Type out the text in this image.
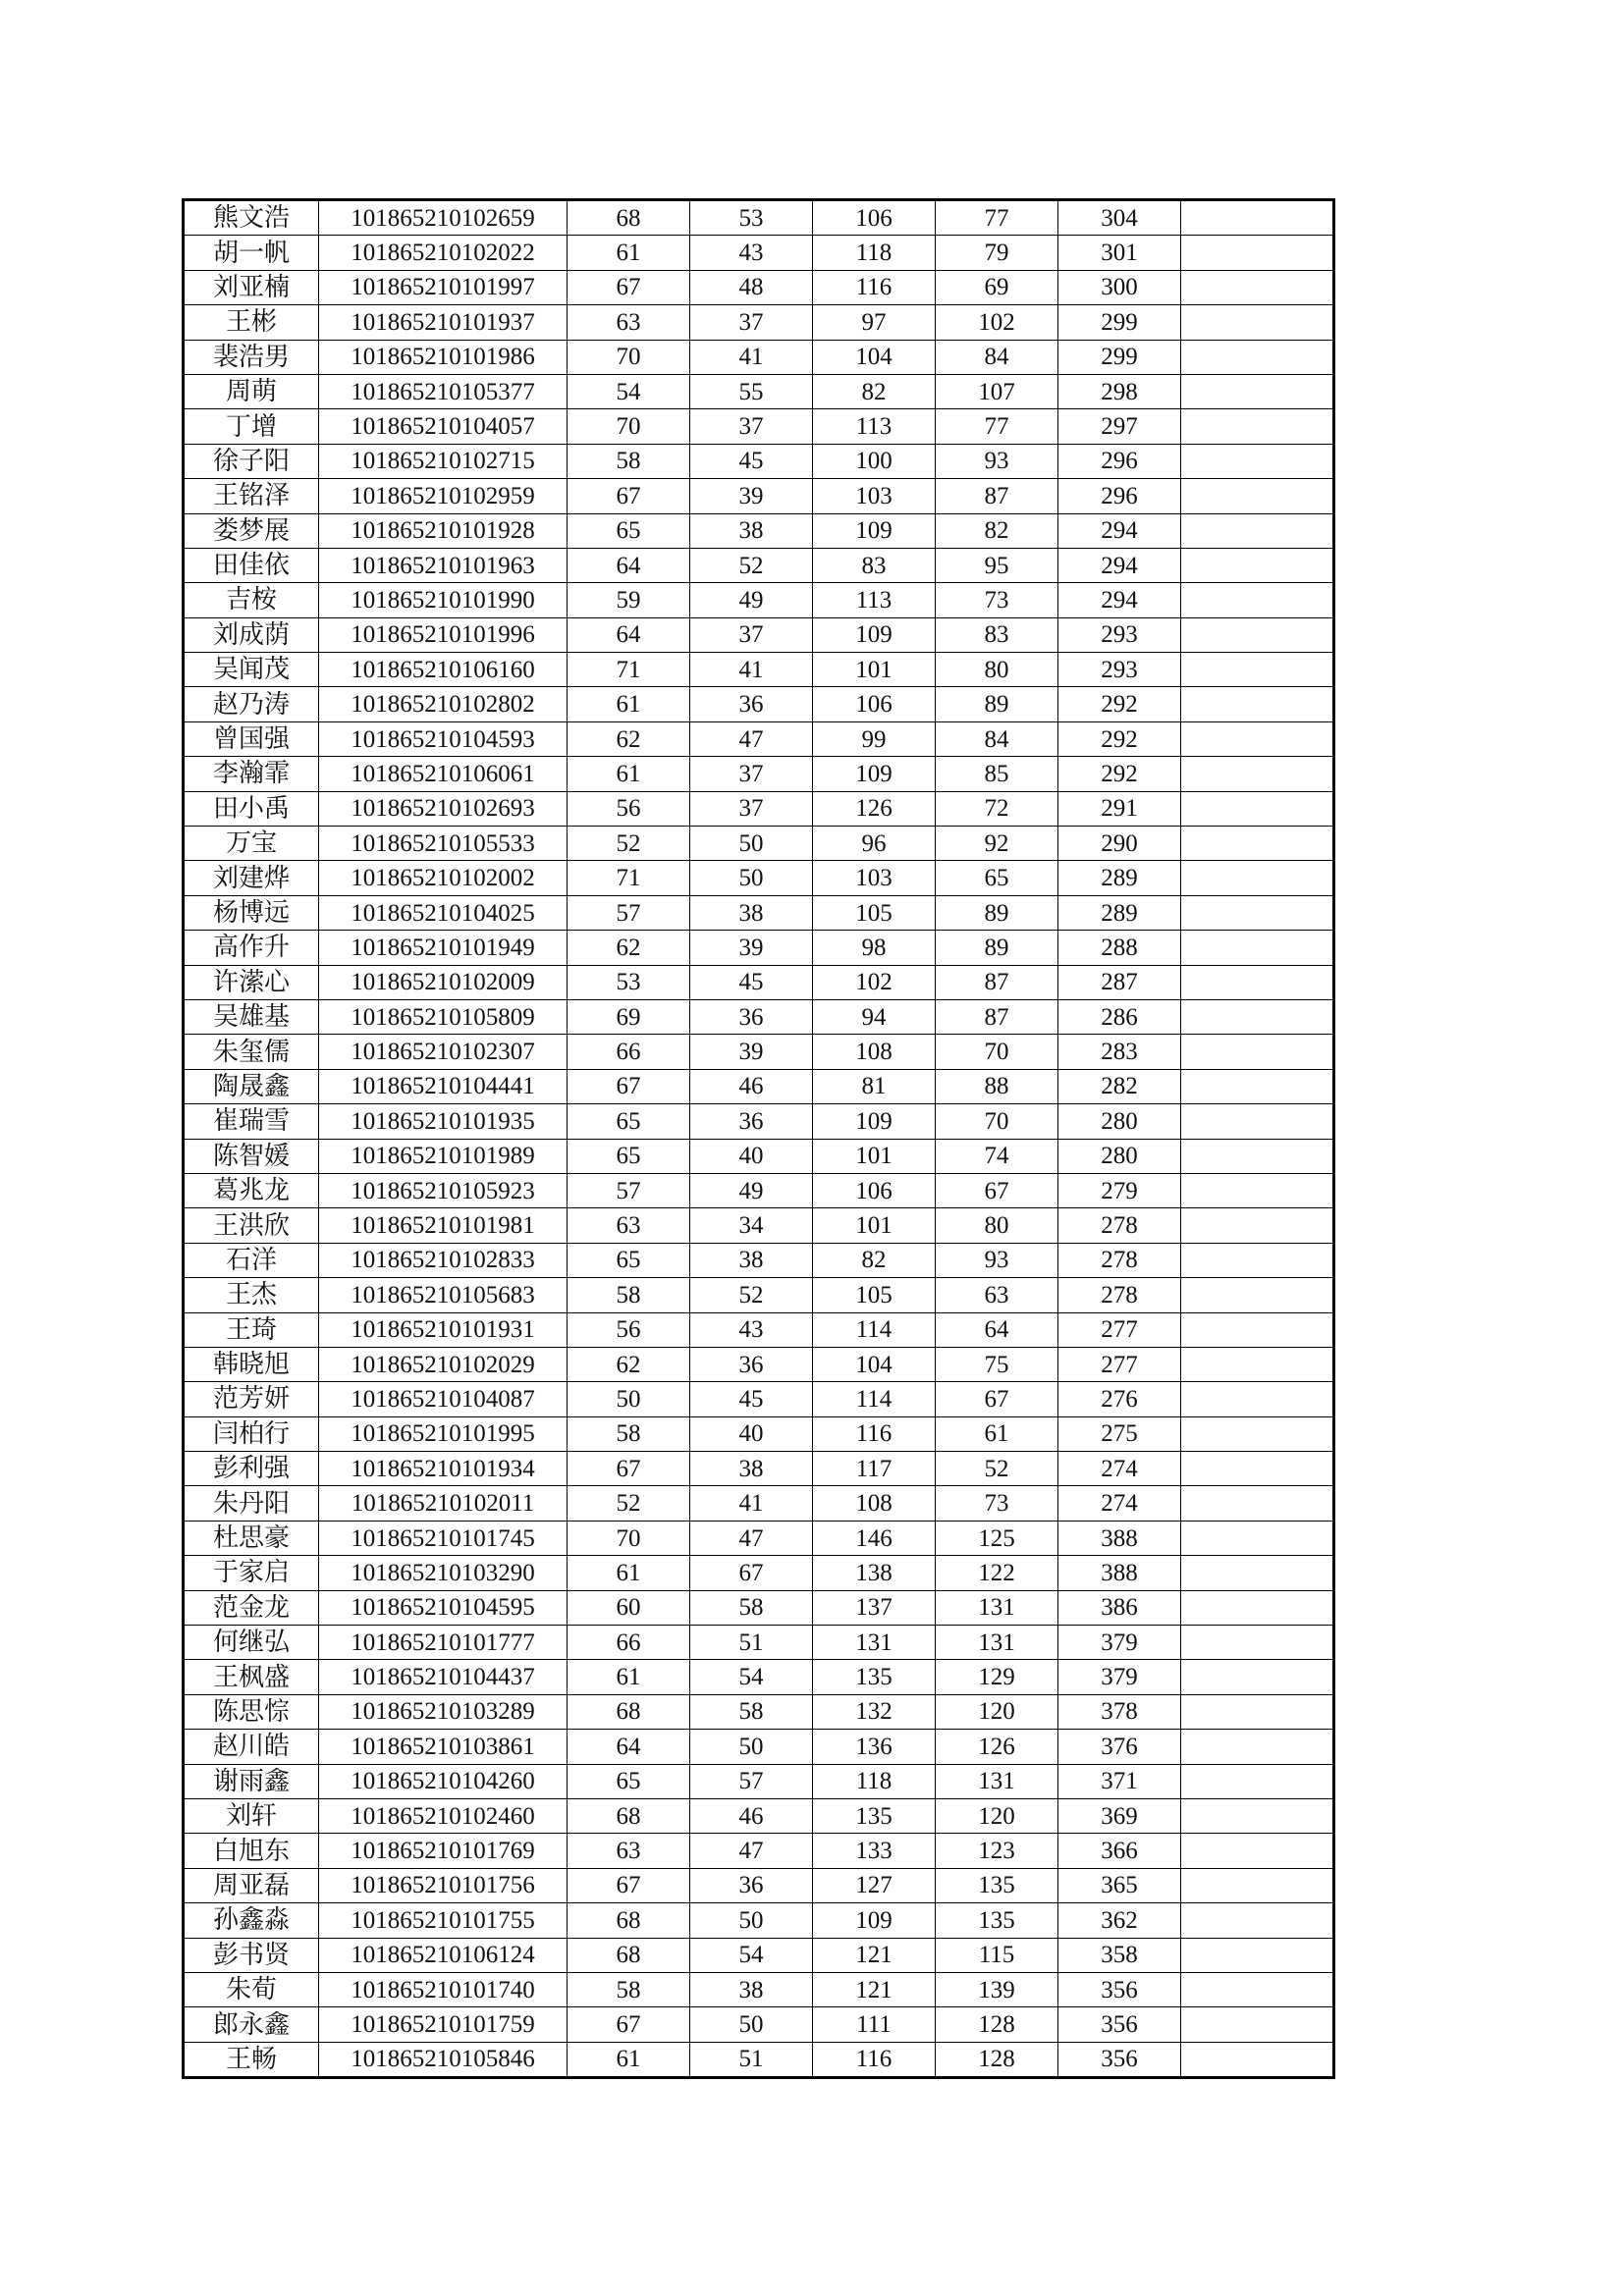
熊文浩	101865210102659	68	53	106	77	304	
胡一帆	101865210102022	61	43	118	79	301	
刘亚楠	101865210101997	67	48	116	69	300	
王彬	101865210101937	63	37	97	102	299	
裴浩男	101865210101986	70	41	104	84	299	
周萌	101865210105377	54	55	82	107	298	
丁增	101865210104057	70	37	113	77	297	
徐子阳	101865210102715	58	45	100	93	296	
王铭泽	101865210102959	67	39	103	87	296	
娄梦展	101865210101928	65	38	109	82	294	
田佳依	101865210101963	64	52	83	95	294	
吉桉	101865210101990	59	49	113	73	294	
刘成荫	101865210101996	64	37	109	83	293	
吴闻茂	101865210106160	71	41	101	80	293	
赵乃涛	101865210102802	61	36	106	89	292	
曾国强	101865210104593	62	47	99	84	292	
李瀚霏	101865210106061	61	37	109	85	292	
田小禹	101865210102693	56	37	126	72	291	
万宝	101865210105533	52	50	96	92	290	
刘建烨	101865210102002	71	50	103	65	289	
杨博远	101865210104025	57	38	105	89	289	
高作升	101865210101949	62	39	98	89	288	
许潆心	101865210102009	53	45	102	87	287	
吴雄基	101865210105809	69	36	94	87	286	
朱玺儒	101865210102307	66	39	108	70	283	
陶晟鑫	101865210104441	67	46	81	88	282	
崔瑞雪	101865210101935	65	36	109	70	280	
陈智媛	101865210101989	65	40	101	74	280	
葛兆龙	101865210105923	57	49	106	67	279	
王洪欣	101865210101981	63	34	101	80	278	
石洋	101865210102833	65	38	82	93	278	
王杰	101865210105683	58	52	105	63	278	
王琦	101865210101931	56	43	114	64	277	
韩晓旭	101865210102029	62	36	104	75	277	
范芳妍	101865210104087	50	45	114	67	276	
闫柏行	101865210101995	58	40	116	61	275	
彭利强	101865210101934	67	38	117	52	274	
朱丹阳	101865210102011	52	41	108	73	274	
杜思豪	101865210101745	70	47	146	125	388	
于家启	101865210103290	61	67	138	122	388	
范金龙	101865210104595	60	58	137	131	386	
何继弘	101865210101777	66	51	131	131	379	
王枫盛	101865210104437	61	54	135	129	379	
陈思悰	101865210103289	68	58	132	120	378	
赵川皓	101865210103861	64	50	136	126	376	
谢雨鑫	101865210104260	65	57	118	131	371	
刘轩	101865210102460	68	46	135	120	369	
白旭东	101865210101769	63	47	133	123	366	
周亚磊	101865210101756	67	36	127	135	365	
孙鑫淼	101865210101755	68	50	109	135	362	
彭书贤	101865210106124	68	54	121	115	358	
朱荀	101865210101740	58	38	121	139	356	
郎永鑫	101865210101759	67	50	111	128	356	
王畅	101865210105846	61	51	116	128	356	
